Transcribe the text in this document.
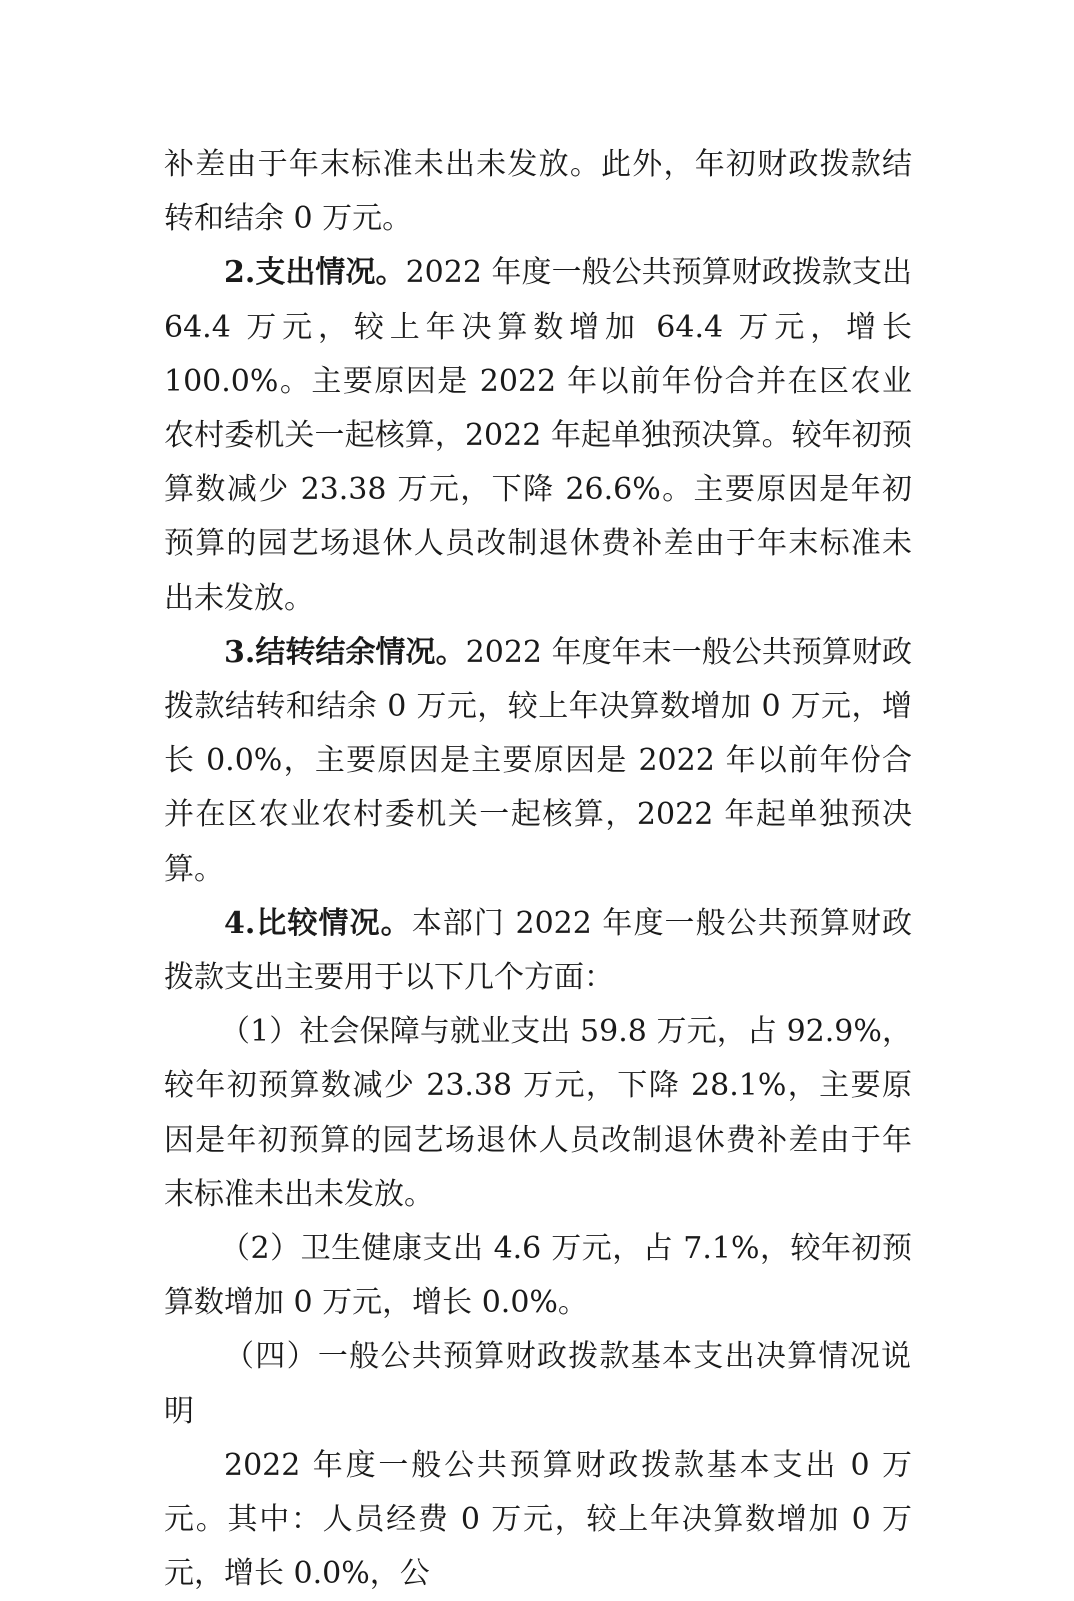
补差由于年末标准未出未发放。此外，年初财政拨款结转和结余 0 万元。

2.支出情况。2022 年度一般公共预算财政拨款支出 64.4 万元，较上年决算数增加 64.4 万元，增长 100.0%。主要原因是 2022 年以前年份合并在区农业农村委机关一起核算，2022 年起单独预决算。较年初预算数减少 23.38 万元，下降 26.6%。主要原因是年初预算的园艺场退休人员改制退休费补差由于年末标准未出未发放。

3.结转结余情况。2022 年度年末一般公共预算财政拨款结转和结余 0 万元，较上年决算数增加 0 万元，增长 0.0%，主要原因是主要原因是 2022 年以前年份合并在区农业农村委机关一起核算，2022 年起单独预决算。

4.比较情况。本部门 2022 年度一般公共预算财政拨款支出主要用于以下几个方面：

（1）社会保障与就业支出 59.8 万元，占 92.9%，较年初预算数减少 23.38 万元，下降 28.1%，主要原因是年初预算的园艺场退休人员改制退休费补差由于年末标准未出未发放。

（2）卫生健康支出 4.6 万元，占 7.1%，较年初预算数增加 0 万元，增长 0.0%。

（四）一般公共预算财政拨款基本支出决算情况说明

2022 年度一般公共预算财政拨款基本支出 0 万元。其中：人员经费 0 万元，较上年决算数增加 0 万元，增长 0.0%，公
